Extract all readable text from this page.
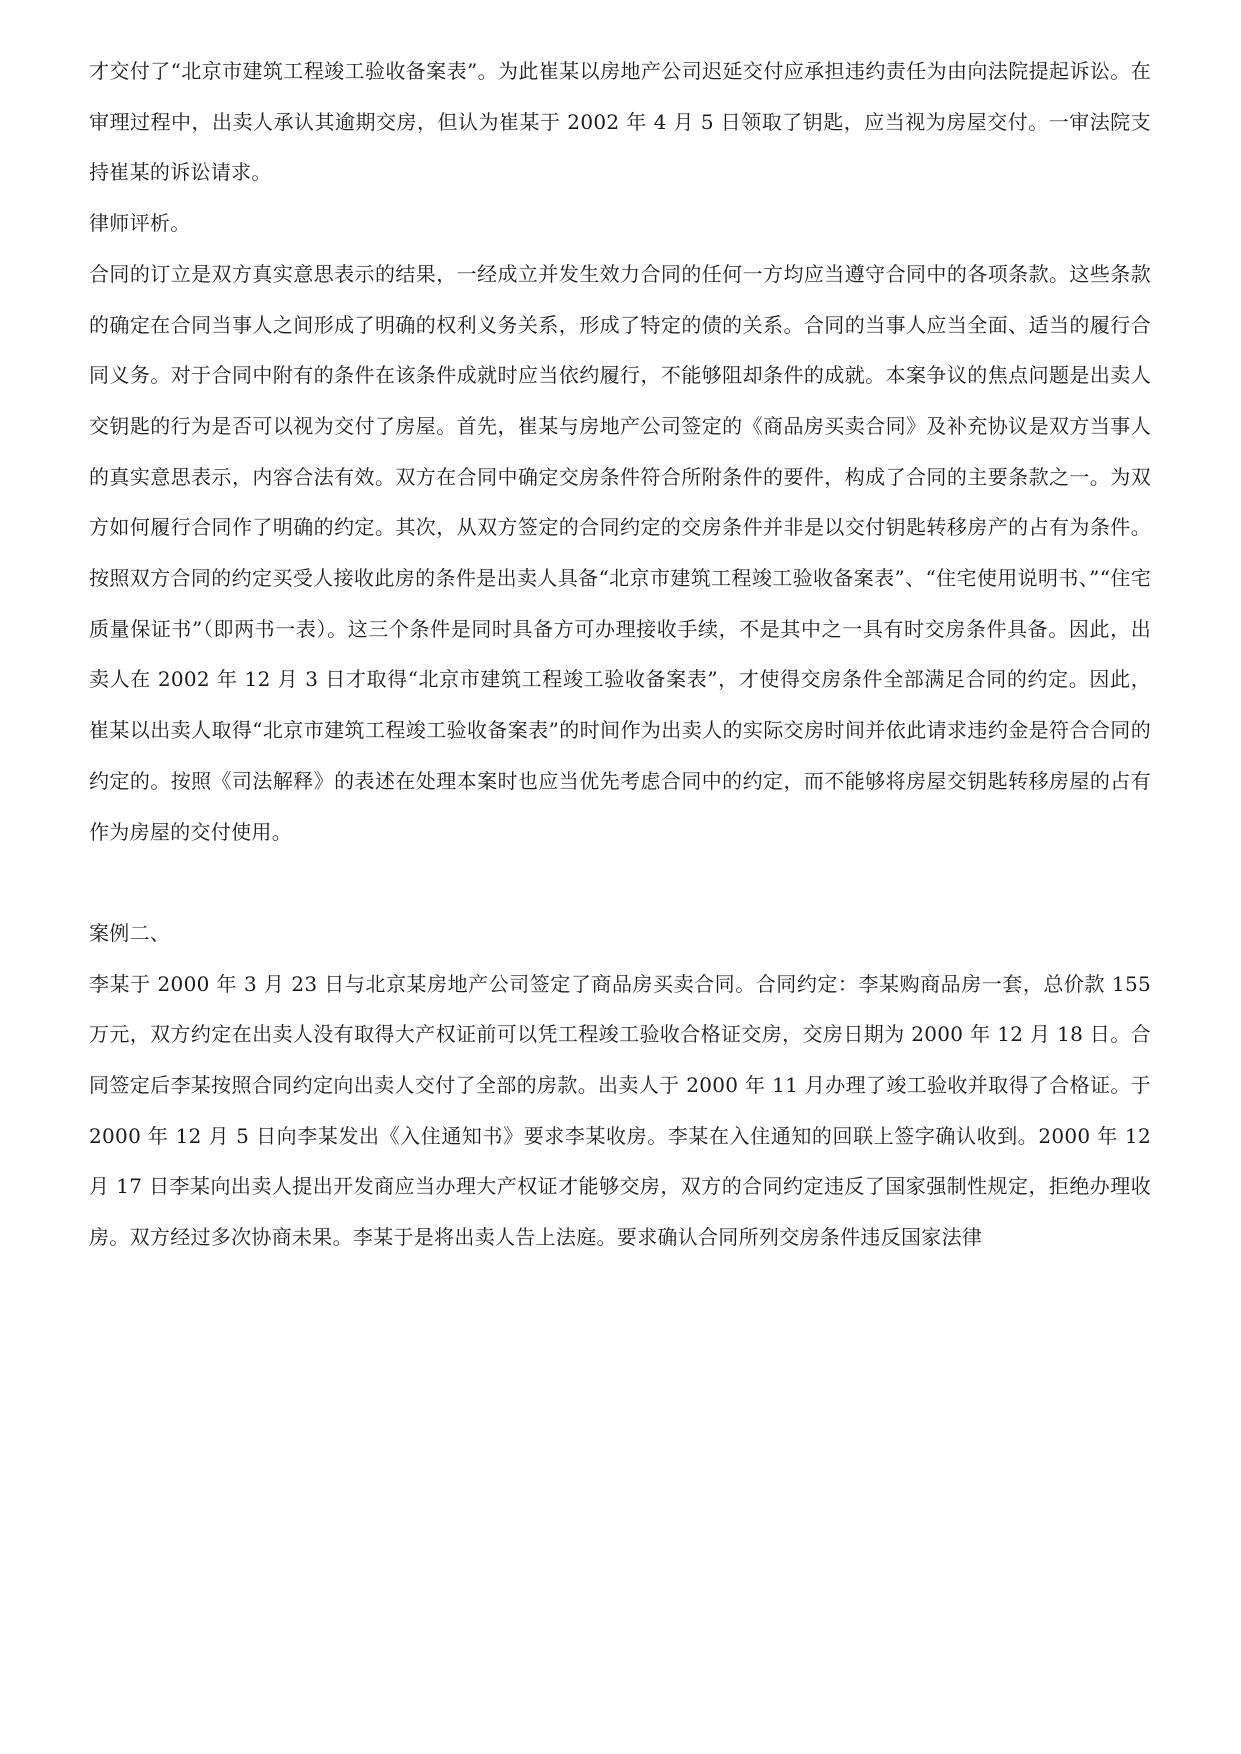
才交付了“北京市建筑工程竣工验收备案表”。为此崔某以房地产公司迟延交付应承担违约责任为由向法院提起诉讼。在审理过程中，出卖人承认其逾期交房，但认为崔某于 2002 年 4 月 5 日领取了钥匙，应当视为房屋交付。一审法院支持崔某的诉讼请求。

律师评析。

合同的订立是双方真实意思表示的结果，一经成立并发生效力合同的任何一方均应当遵守合同中的各项条款。这些条款的确定在合同当事人之间形成了明确的权利义务关系，形成了特定的债的关系。合同的当事人应当全面、适当的履行合同义务。对于合同中附有的条件在该条件成就时应当依约履行，不能够阻却条件的成就。本案争议的焦点问题是出卖人交钥匙的行为是否可以视为交付了房屋。首先，崔某与房地产公司签定的《商品房买卖合同》及补充协议是双方当事人的真实意思表示，内容合法有效。双方在合同中确定交房条件符合所附条件的要件，构成了合同的主要条款之一。为双方如何履行合同作了明确的约定。其次，从双方签定的合同约定的交房条件并非是以交付钥匙转移房产的占有为条件。按照双方合同的约定买受人接收此房的条件是出卖人具备“北京市建筑工程竣工验收备案表”、“住宅使用说明书、”“住宅质量保证书”（即两书一表）。这三个条件是同时具备方可办理接收手续，不是其中之一具有时交房条件具备。因此，出卖人在 2002 年 12 月 3 日才取得“北京市建筑工程竣工验收备案表”，才使得交房条件全部满足合同的约定。因此，崔某以出卖人取得“北京市建筑工程竣工验收备案表”的时间作为出卖人的实际交房时间并依此请求违约金是符合合同的约定的。按照《司法解释》的表述在处理本案时也应当优先考虑合同中的约定，而不能够将房屋交钥匙转移房屋的占有作为房屋的交付使用。

案例二、

李某于 2000 年 3 月 23 日与北京某房地产公司签定了商品房买卖合同。合同约定：李某购商品房一套，总价款 155 万元，双方约定在出卖人没有取得大产权证前可以凭工程竣工验收合格证交房，交房日期为 2000 年 12 月 18 日。合同签定后李某按照合同约定向出卖人交付了全部的房款。出卖人于 2000 年 11 月办理了竣工验收并取得了合格证。于 2000 年 12 月 5 日向李某发出《入住通知书》要求李某收房。李某在入住通知的回联上签字确认收到。2000 年 12 月 17 日李某向出卖人提出开发商应当办理大产权证才能够交房，双方的合同约定违反了国家强制性规定，拒绝办理收房。双方经过多次协商未果。李某于是将出卖人告上法庭。要求确认合同所列交房条件违反国家法律
